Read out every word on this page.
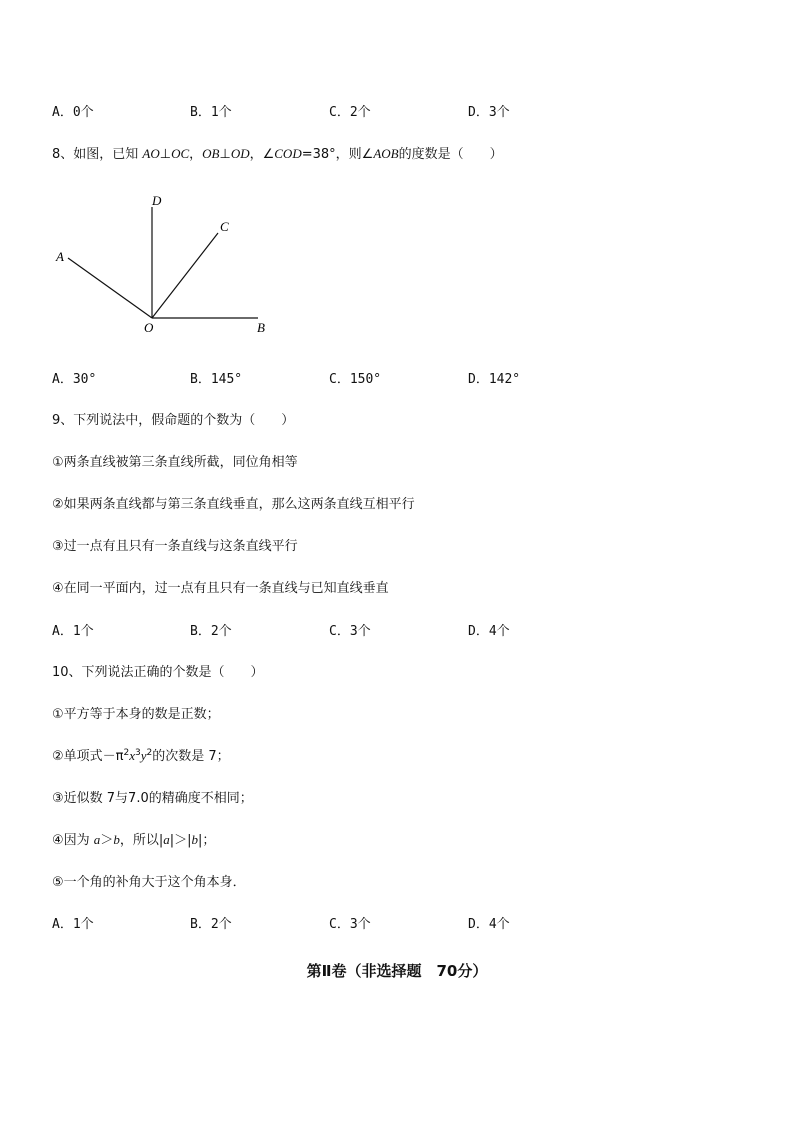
A．0个	B．1个	C．2个	D．3个
8、如图，已知 AO⊥OC，OB⊥OD，∠COD=38°，则∠AOB的度数是（　　）
D
C
A
O	B
A．30°	B．145°	C．150°	D．142°
9、下列说法中，假命题的个数为（　　）
①两条直线被第三条直线所截，同位角相等
②如果两条直线都与第三条直线垂直，那么这两条直线互相平行
③过一点有且只有一条直线与这条直线平行
④在同一平面内，过一点有且只有一条直线与已知直线垂直
A．1个	B．2个	C．3个	D．4个
10、下列说法正确的个数是（　　）
①平方等于本身的数是正数；
②单项式$-\pi^2x^3y^2$的次数是 7；
③近似数 7与7.0的精确度不相同；
④因为 a＞b，所以|a|＞|b|；
⑤一个角的补角大于这个角本身．
A．1个	B．2个	C．3个	D．4个
第Ⅱ卷（非选择题　70分）
